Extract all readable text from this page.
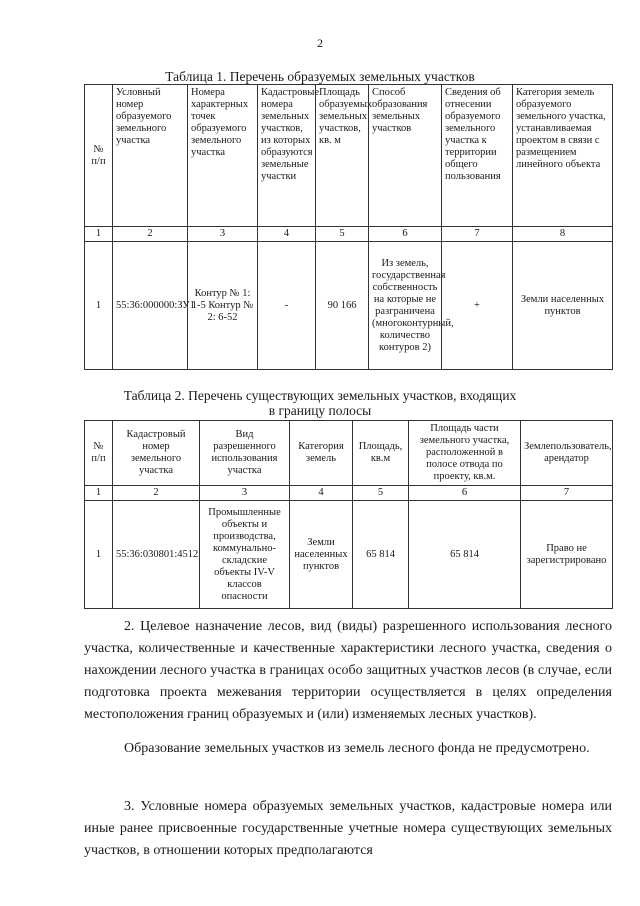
2
Таблица 1. Перечень образуемых земельных участков
№ п/п	Условный номер образуемого земельного участка	Номера характерных точек образуемого земельного участка	Кадастровые номера земельных участков, из которых образуются земельные участки	Площадь образуемых земельных участков, кв. м	Способ образования земельных участков	Сведения об отнесении образуемого земельного участка к территории общего пользования	Категория земель образуемого земельного участка, устанавливаемая проектом в связи с размещением линейного объекта
1	2	3	4	5	6	7	8
1	55:36:000000:ЗУ1	Контур № 1: 1-5 Контур № 2: 6-52	-	90 166	Из земель, государственная собственность на которые не разграничена (многоконтурный, количество контуров 2)	+	Земли населенных пунктов
Таблица 2. Перечень существующих земельных участков, входящих
в границу полосы
№ п/п	Кадастровый номер земельного участка	Вид разрешенного использования участка	Категория земель	Площадь, кв.м	Площадь части земельного участка, расположенной в полосе отвода по проекту, кв.м.	Землепользователь, арендатор
1	2	3	4	5	6	7
1	55:36:030801:4512	Промышленные объекты и производства, коммунально-складские объекты IV-V классов опасности	Земли населенных пунктов	65 814	65 814	Право не зарегистрировано
2. Целевое назначение лесов, вид (виды) разрешенного использования лесного участка, количественные и качественные характеристики лесного участка, сведения о нахождении лесного участка в границах особо защитных участков лесов (в случае, если подготовка проекта межевания территории осуществляется в целях определения местоположения границ образуемых и (или) изменяемых лесных участков).
Образование земельных участков из земель лесного фонда не предусмотрено.
3. Условные номера образуемых земельных участков, кадастровые номера или иные ранее присвоенные государственные учетные номера существующих земельных участков, в отношении которых предполагаются
